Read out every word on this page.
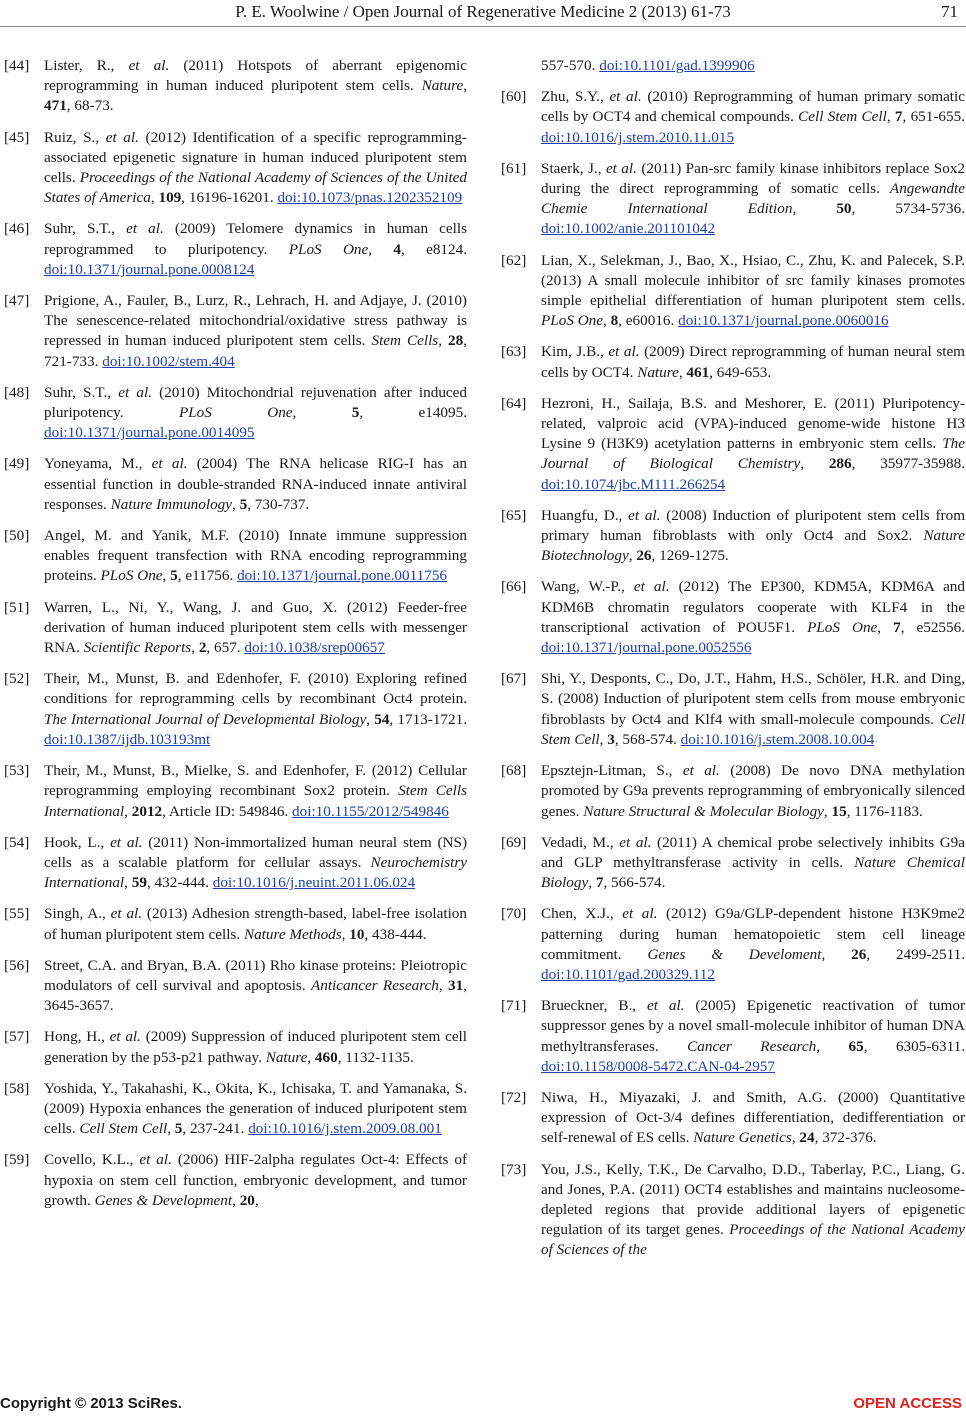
P. E. Woolwine / Open Journal of Regenerative Medicine 2 (2013) 61-73	71
[44] Lister, R., et al. (2011) Hotspots of aberrant epigenomic reprogramming in human induced pluripotent stem cells. Nature, 471, 68-73.
[45] Ruiz, S., et al. (2012) Identification of a specific reprogramming-associated epigenetic signature in human induced pluripotent stem cells. Proceedings of the National Academy of Sciences of the United States of America, 109, 16196-16201. doi:10.1073/pnas.1202352109
[46] Suhr, S.T., et al. (2009) Telomere dynamics in human cells reprogrammed to pluripotency. PLoS One, 4, e8124. doi:10.1371/journal.pone.0008124
[47] Prigione, A., Fauler, B., Lurz, R., Lehrach, H. and Adjaye, J. (2010) The senescence-related mitochondrial/oxidative stress pathway is repressed in human induced pluripotent stem cells. Stem Cells, 28, 721-733. doi:10.1002/stem.404
[48] Suhr, S.T., et al. (2010) Mitochondrial rejuvenation after induced pluripotency. PLoS One, 5, e14095. doi:10.1371/journal.pone.0014095
[49] Yoneyama, M., et al. (2004) The RNA helicase RIG-I has an essential function in double-stranded RNA-induced innate antiviral responses. Nature Immunology, 5, 730-737.
[50] Angel, M. and Yanik, M.F. (2010) Innate immune suppression enables frequent transfection with RNA encoding reprogramming proteins. PLoS One, 5, e11756. doi:10.1371/journal.pone.0011756
[51] Warren, L., Ni, Y., Wang, J. and Guo, X. (2012) Feeder-free derivation of human induced pluripotent stem cells with messenger RNA. Scientific Reports, 2, 657. doi:10.1038/srep00657
[52] Their, M., Munst, B. and Edenhofer, F. (2010) Exploring refined conditions for reprogramming cells by recombinant Oct4 protein. The International Journal of Developmental Biology, 54, 1713-1721. doi:10.1387/ijdb.103193mt
[53] Their, M., Munst, B., Mielke, S. and Edenhofer, F. (2012) Cellular reprogramming employing recombinant Sox2 protein. Stem Cells International, 2012, Article ID: 549846. doi:10.1155/2012/549846
[54] Hook, L., et al. (2011) Non-immortalized human neural stem (NS) cells as a scalable platform for cellular assays. Neurochemistry International, 59, 432-444. doi:10.1016/j.neuint.2011.06.024
[55] Singh, A., et al. (2013) Adhesion strength-based, label-free isolation of human pluripotent stem cells. Nature Methods, 10, 438-444.
[56] Street, C.A. and Bryan, B.A. (2011) Rho kinase proteins: Pleiotropic modulators of cell survival and apoptosis. Anticancer Research, 31, 3645-3657.
[57] Hong, H., et al. (2009) Suppression of induced pluripotent stem cell generation by the p53-p21 pathway. Nature, 460, 1132-1135.
[58] Yoshida, Y., Takahashi, K., Okita, K., Ichisaka, T. and Yamanaka, S. (2009) Hypoxia enhances the generation of induced pluripotent stem cells. Cell Stem Cell, 5, 237-241. doi:10.1016/j.stem.2009.08.001
[59] Covello, K.L., et al. (2006) HIF-2alpha regulates Oct-4: Effects of hypoxia on stem cell function, embryonic development, and tumor growth. Genes & Development, 20,
557-570. doi:10.1101/gad.1399906
[60] Zhu, S.Y., et al. (2010) Reprogramming of human primary somatic cells by OCT4 and chemical compounds. Cell Stem Cell, 7, 651-655. doi:10.1016/j.stem.2010.11.015
[61] Staerk, J., et al. (2011) Pan-src family kinase inhibitors replace Sox2 during the direct reprogramming of somatic cells. Angewandte Chemie International Edition, 50, 5734-5736. doi:10.1002/anie.201101042
[62] Lian, X., Selekman, J., Bao, X., Hsiao, C., Zhu, K. and Palecek, S.P. (2013) A small molecule inhibitor of src family kinases promotes simple epithelial differentiation of human pluripotent stem cells. PLoS One, 8, e60016. doi:10.1371/journal.pone.0060016
[63] Kim, J.B., et al. (2009) Direct reprogramming of human neural stem cells by OCT4. Nature, 461, 649-653.
[64] Hezroni, H., Sailaja, B.S. and Meshorer, E. (2011) Pluripotency-related, valproic acid (VPA)-induced genome-wide histone H3 Lysine 9 (H3K9) acetylation patterns in embryonic stem cells. The Journal of Biological Chemistry, 286, 35977-35988. doi:10.1074/jbc.M111.266254
[65] Huangfu, D., et al. (2008) Induction of pluripotent stem cells from primary human fibroblasts with only Oct4 and Sox2. Nature Biotechnology, 26, 1269-1275.
[66] Wang, W.-P., et al. (2012) The EP300, KDM5A, KDM6A and KDM6B chromatin regulators cooperate with KLF4 in the transcriptional activation of POU5F1. PLoS One, 7, e52556. doi:10.1371/journal.pone.0052556
[67] Shi, Y., Desponts, C., Do, J.T., Hahm, H.S., Schöler, H.R. and Ding, S. (2008) Induction of pluripotent stem cells from mouse embryonic fibroblasts by Oct4 and Klf4 with small-molecule compounds. Cell Stem Cell, 3, 568-574. doi:10.1016/j.stem.2008.10.004
[68] Epsztejn-Litman, S., et al. (2008) De novo DNA methylation promoted by G9a prevents reprogramming of embryonically silenced genes. Nature Structural & Molecular Biology, 15, 1176-1183.
[69] Vedadi, M., et al. (2011) A chemical probe selectively inhibits G9a and GLP methyltransferase activity in cells. Nature Chemical Biology, 7, 566-574.
[70] Chen, X.J., et al. (2012) G9a/GLP-dependent histone H3K9me2 patterning during human hematopoietic stem cell lineage commitment. Genes & Develoment, 26, 2499-2511. doi:10.1101/gad.200329.112
[71] Brueckner, B., et al. (2005) Epigenetic reactivation of tumor suppressor genes by a novel small-molecule inhibitor of human DNA methyltransferases. Cancer Research, 65, 6305-6311. doi:10.1158/0008-5472.CAN-04-2957
[72] Niwa, H., Miyazaki, J. and Smith, A.G. (2000) Quantitative expression of Oct-3/4 defines differentiation, dedifferentiation or self-renewal of ES cells. Nature Genetics, 24, 372-376.
[73] You, J.S., Kelly, T.K., De Carvalho, D.D., Taberlay, P.C., Liang, G. and Jones, P.A. (2011) OCT4 establishes and maintains nucleosome-depleted regions that provide additional layers of epigenetic regulation of its target genes. Proceedings of the National Academy of Sciences of the
Copyright © 2013 SciRes.	OPEN ACCESS
